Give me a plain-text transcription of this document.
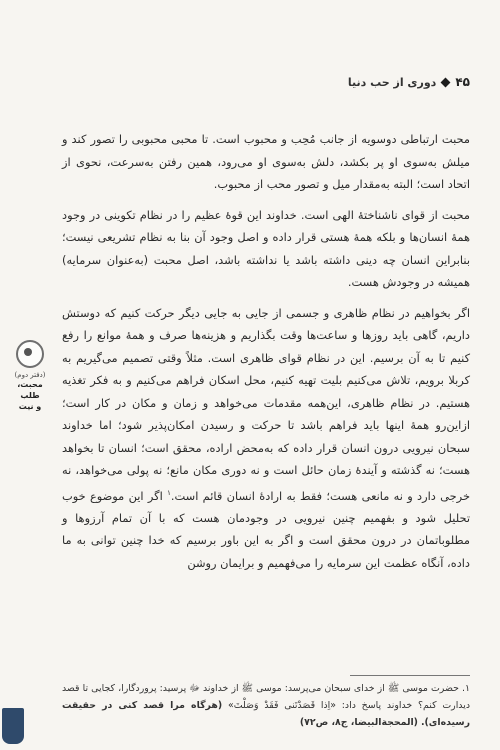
۴۵
دوری از حب دنیا

محبت ارتباطی دوسویه از جانب مُحِب و محبوب است. تا محبی محبوبی را تصور کند و میلش به‌سوی او پر بکشد، دلش به‌سوی او می‌رود، همین رفتن به‌سرعت، نحوی از اتحاد است؛ البته به‌مقدار میل و تصور محب از محبوب.

محبت از قوای ناشناختهٔ الهی است. خداوند این قوهٔ عظیم را در نظام تکوینی در وجود همهٔ انسان‌ها و بلکه همهٔ هستی قرار داده و اصل وجود آن بنا به نظام تشریعی نیست؛ بنابراین انسان چه دینی داشته باشد یا نداشته باشد، اصل محبت (به‌عنوان سرمایه) همیشه در وجودش هست.

اگر بخواهیم در نظام ظاهری و جسمی از جایی به جایی دیگر حرکت کنیم که دوستش داریم، گاهی باید روزها و ساعت‌ها وقت بگذاریم و هزینه‌ها صرف و همهٔ موانع را رفع کنیم تا به آن برسیم. این در نظام قوای ظاهری است. مثلاً وقتی تصمیم می‌گیریم به کربلا برویم، تلاش می‌کنیم بلیت تهیه کنیم، محل اسکان فراهم می‌کنیم و به فکر تغذیه هستیم. در نظام ظاهری، این‌همه مقدمات می‌خواهد و زمان و مکان در کار است؛ ازاین‌رو همهٔ اینها باید فراهم باشد تا حرکت و رسیدن امکان‌پذیر شود؛ اما خداوند سبحان نیرویی درون انسان قرار داده که به‌محض اراده، محقق است؛ انسان تا بخواهد هست؛ نه گذشته و آیندهٔ زمان حائل است و نه دوری مکان مانع؛ نه پولی می‌خواهد، نه خرجی دارد و نه مانعی هست؛ فقط به ارادهٔ انسان قائم است.$^۱$ اگر این موضوع خوب تحلیل شود و بفهمیم چنین نیرویی در وجودمان هست که با آن تمام آرزوها و مطلوباتمان در درون محقق است و اگر به این باور برسیم که خدا چنین توانی به ما داده، آنگاه عظمت این سرمایه را می‌فهمیم و برایمان روشن

(دفتر دوم)
محبت، طلب
و نیت
۱. حضرت موسی ﷺ از خدای سبحان می‌پرسد: موسی ﷺ از خداوند ﷻ پرسید: پروردگارا، کجایی تا قصد دیدارت کنم؟ خداوند پاسخ داد: «اِذا قَصَدْتَنی فَقَدْ وَصَلْتَ» (هرگاه مرا قصد کنی در حقیقت رسیده‌ای). (المحجة‌البیضا، ج۸، ص۷۲)
